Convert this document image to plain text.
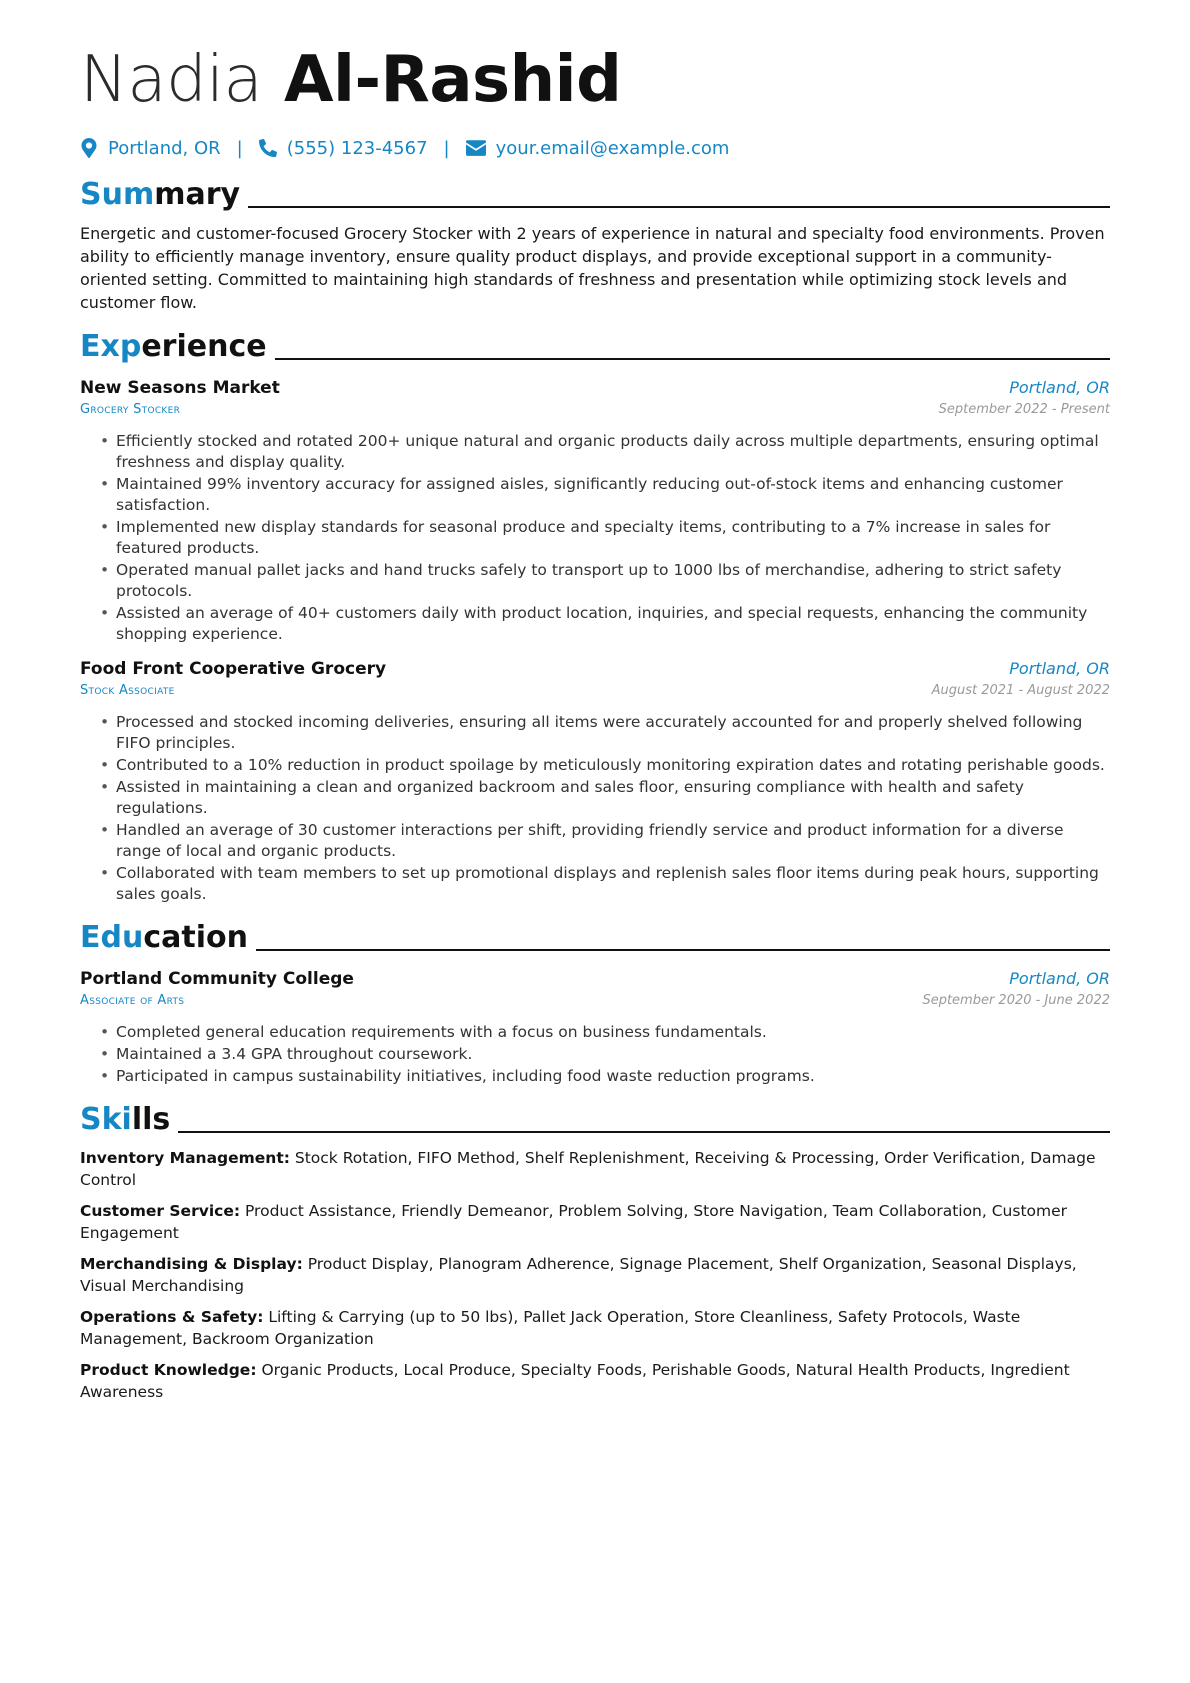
Nadia Al-Rashid
Portland, OR | (555) 123-4567 |	your.email@example.com
Summary

Energetic and customer-focused Grocery Stocker with 2 years of experience in natural and specialty food environments. Proven ability to efficiently manage inventory, ensure quality product displays, and provide exceptional support in a community-oriented setting. Committed to maintaining high standards of freshness and presentation while optimizing stock levels and customer flow.

Experience
New Seasons Market	Portland, OR
Grocery Stocker	September 2022 - Present
• Efficiently stocked and rotated 200+ unique natural and organic products daily across multiple departments, ensuring optimal freshness and display quality.
• Maintained 99% inventory accuracy for assigned aisles, significantly reducing out-of-stock items and enhancing customer satisfaction.
• Implemented new display standards for seasonal produce and specialty items, contributing to a 7% increase in sales for featured products.
• Operated manual pallet jacks and hand trucks safely to transport up to 1000 lbs of merchandise, adhering to strict safety protocols.
• Assisted an average of 40+ customers daily with product location, inquiries, and special requests, enhancing the community shopping experience.
Food Front Cooperative Grocery	Portland, OR
Stock Associate	August 2021 - August 2022
• Processed and stocked incoming deliveries, ensuring all items were accurately accounted for and properly shelved following FIFO principles.
• Contributed to a 10% reduction in product spoilage by meticulously monitoring expiration dates and rotating perishable goods.
• Assisted in maintaining a clean and organized backroom and sales floor, ensuring compliance with health and safety regulations.
• Handled an average of 30 customer interactions per shift, providing friendly service and product information for a diverse range of local and organic products.
• Collaborated with team members to set up promotional displays and replenish sales floor items during peak hours, supporting sales goals.
Education
Portland Community College	Portland, OR
Associate of Arts	September 2020 - June 2022
• Completed general education requirements with a focus on business fundamentals.
• Maintained a 3.4 GPA throughout coursework.
• Participated in campus sustainability initiatives, including food waste reduction programs.
Skills
Inventory Management: Stock Rotation, FIFO Method, Shelf Replenishment, Receiving & Processing, Order Verification, Damage Control
Customer Service: Product Assistance, Friendly Demeanor, Problem Solving, Store Navigation, Team Collaboration, Customer Engagement
Merchandising & Display: Product Display, Planogram Adherence, Signage Placement, Shelf Organization, Seasonal Displays, Visual Merchandising
Operations & Safety: Lifting & Carrying (up to 50 lbs), Pallet Jack Operation, Store Cleanliness, Safety Protocols, Waste Management, Backroom Organization
Product Knowledge: Organic Products, Local Produce, Specialty Foods, Perishable Goods, Natural Health Products, Ingredient Awareness
